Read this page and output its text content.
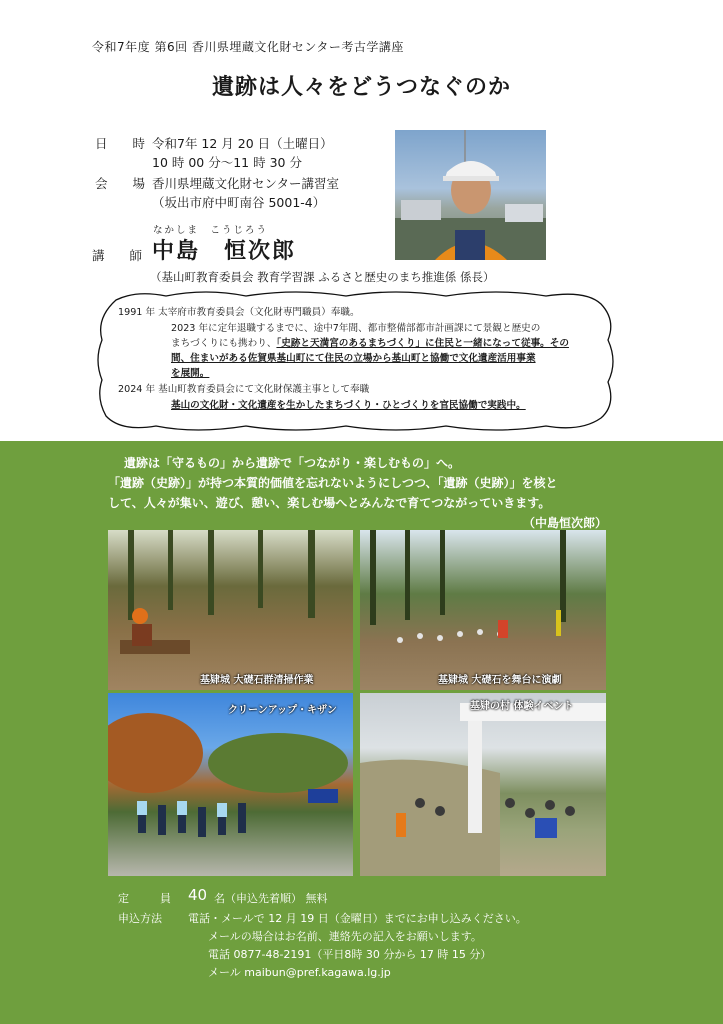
令和7年度 第6回 香川県埋蔵文化財センター考古学講座
遺跡は人々をどうつなぐのか
日　　時 令和7年 12 月 20 日（土曜日）
10 時 00 分～11 時 30 分
会　　場 香川県埋蔵文化財センター講習室
（坂出市府中町南谷 5001-4）
なかしま　こうじろう
講　　師 中島　恒次郎
（基山町教育委員会 教育学習課 ふるさと歴史のまち推進係 係長）
1991 年 太宰府市教育委員会（文化財専門職員）奉職。
2023 年に定年退職するまでに、途中7年間、都市整備部都市計画課にて景観と歴史の
まちづくりにも携わり、「史跡と天満宮のあるまちづくり」に住民と一緒になって従事。その
間、住まいがある佐賀県基山町にて住民の立場から基山町と協働で文化遺産活用事業
を展開。
2024 年 基山町教育委員会にて文化財保護主事として奉職
基山の文化財・文化遺産を生かしたまちづくり・ひとづくりを官民協働で実践中。
遺跡は「守るもの」から遺跡で「つながり・楽しむもの」へ。
「遺跡（史跡）」が持つ本質的価値を忘れないようにしつつ、「遺跡（史跡）」を核と
して、人々が集い、遊び、憩い、楽しむ場へとみんなで育てつながっていきます。
（中島恒次郎）
基肄城 大礎石群清掃作業	基肄城 大礎石を舞台に演劇
クリーンアップ・キザン	基肄の村 体験イベント
定　員 40 名（申込先着順） 無料
申込方法 電話・メールで 12 月 19 日（金曜日）までにお申し込みください。
メールの場合はお名前、連絡先の記入をお願いします。
電話 0877-48-2191（平日8時 30 分から 17 時 15 分）
メール maibun@pref.kagawa.lg.jp
